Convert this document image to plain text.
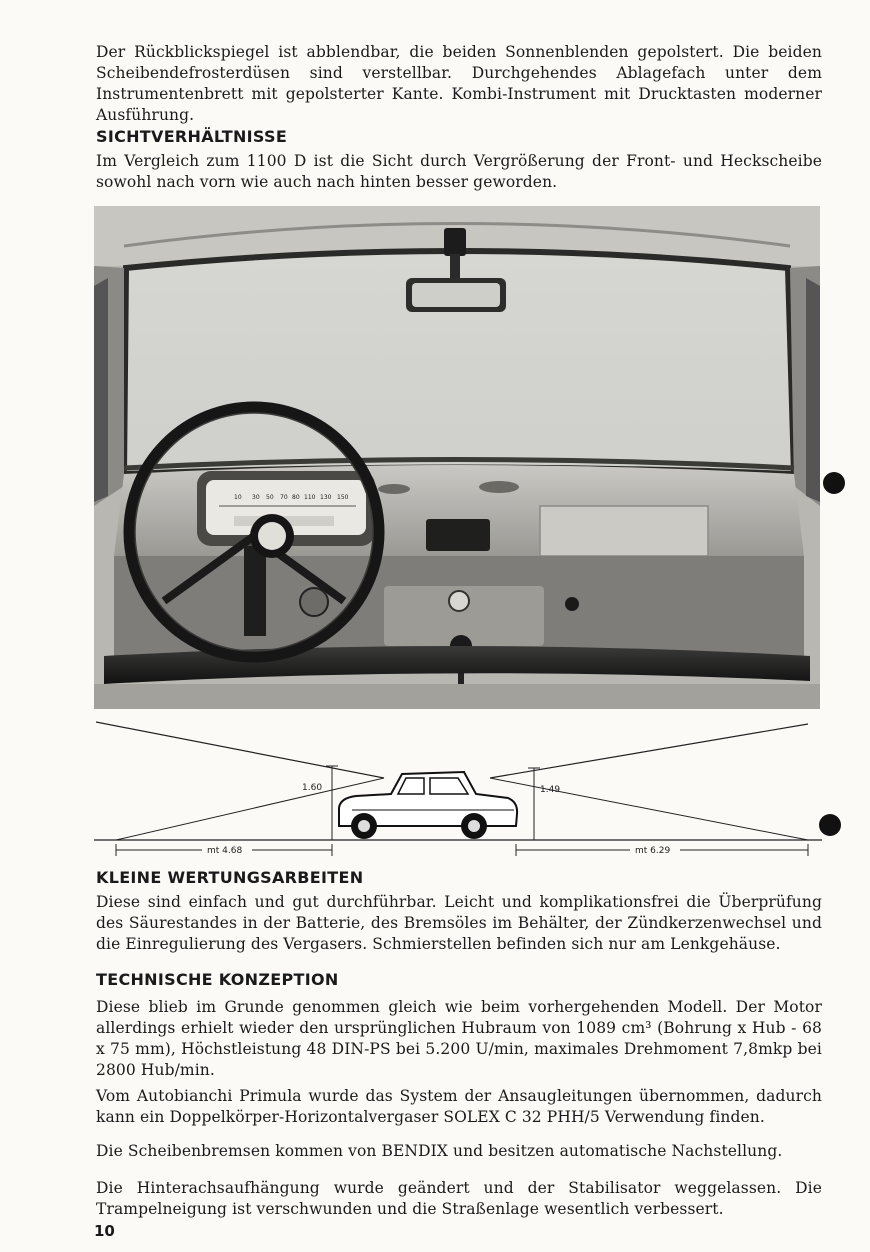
Der Rückblickspiegel ist abblendbar, die beiden Sonnenblenden gepolstert. Die beiden Scheibendefrosterdüsen sind verstellbar. Durchgehendes Ablagefach unter dem Instrumentenbrett mit gepolsterter Kante. Kombi-Instrument mit Drucktasten moderner Ausführung.
SICHTVERHÄLTNISSE
Im Vergleich zum 1100 D ist die Sicht durch Vergrößerung der Front- und Heckscheibe sowohl nach vorn wie auch nach hinten besser geworden.
10 30 50 70 80 110 130 150
1.60	1.49
mt 4.68	mt 6.29
KLEINE WERTUNGSARBEITEN
Diese sind einfach und gut durchführbar. Leicht und komplikationsfrei die Überprüfung des Säurestandes in der Batterie, des Bremsöles im Behälter, der Zündkerzenwechsel und die Einregulierung des Vergasers. Schmierstellen befinden sich nur am Lenkgehäuse.
TECHNISCHE KONZEPTION
Diese blieb im Grunde genommen gleich wie beim vorhergehenden Modell. Der Motor allerdings erhielt wieder den ursprünglichen Hubraum von 1089 cm³ (Bohrung x Hub - 68 x 75 mm), Höchstleistung 48 DIN-PS bei 5.200 U/min, maximales Drehmoment 7,8mkp bei 2800 Hub/min.
Vom Autobianchi Primula wurde das System der Ansaugleitungen übernommen, dadurch kann ein Doppelkörper-Horizontalvergaser SOLEX C 32 PHH/5 Verwendung finden.
Die Scheibenbremsen kommen von BENDIX und besitzen automatische Nachstellung.
Die Hinterachsaufhängung wurde geändert und der Stabilisator weggelassen. Die Trampelneigung ist verschwunden und die Straßenlage wesentlich verbessert.
10
